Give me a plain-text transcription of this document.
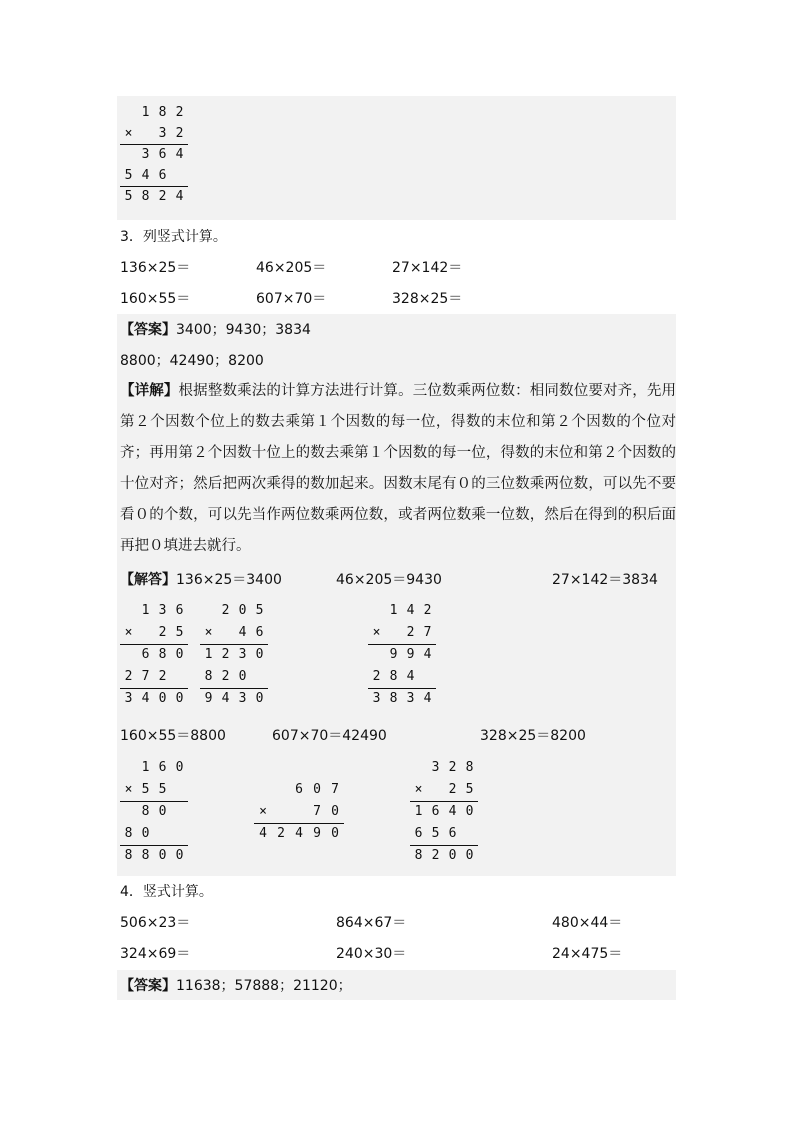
1 8 2
× 3 2
3 6 4
5 4 6
5 8 2 4
3．列竖式计算。
136×25＝	46×205＝	27×142＝
160×55＝	607×70＝	328×25＝
【答案】3400；9430；3834
8800；42490；8200
【详解】根据整数乘法的计算方法进行计算。三位数乘两位数：相同数位要对齐，先用第２个因数个位上的数去乘第１个因数的每一位，得数的末位和第２个因数的个位对齐；再用第２个因数十位上的数去乘第１个因数的每一位，得数的末位和第２个因数的十位对齐；然后把两次乘得的数加起来。因数末尾有０的三位数乘两位数，可以先不要看０的个数，可以先当作两位数乘两位数，或者两位数乘一位数，然后在得到的积后面再把０填进去就行。
【解答】136×25＝3400	46×205＝9430	27×142＝3834
1 3 6
× 2 5
6 8 0
2 7 2
3 4 0 0
2 0 5
× 4 6
1 2 3 0
8 2 0
9 4 3 0
1 4 2
× 2 7
9 9 4
2 8 4
3 8 3 4
160×55＝8800	607×70＝42490	328×25＝8200
1 6 0
× 5 5
8 0
8 0
8 8 0 0
6 0 7
×	7 0
4 2 4 9 0
3 2 8
× 2 5
1 6 4 0
6 5 6
8 2 0 0
4．竖式计算。
506×23＝	864×67＝	480×44＝
324×69＝	240×30＝	24×475＝
【答案】11638；57888；21120；
